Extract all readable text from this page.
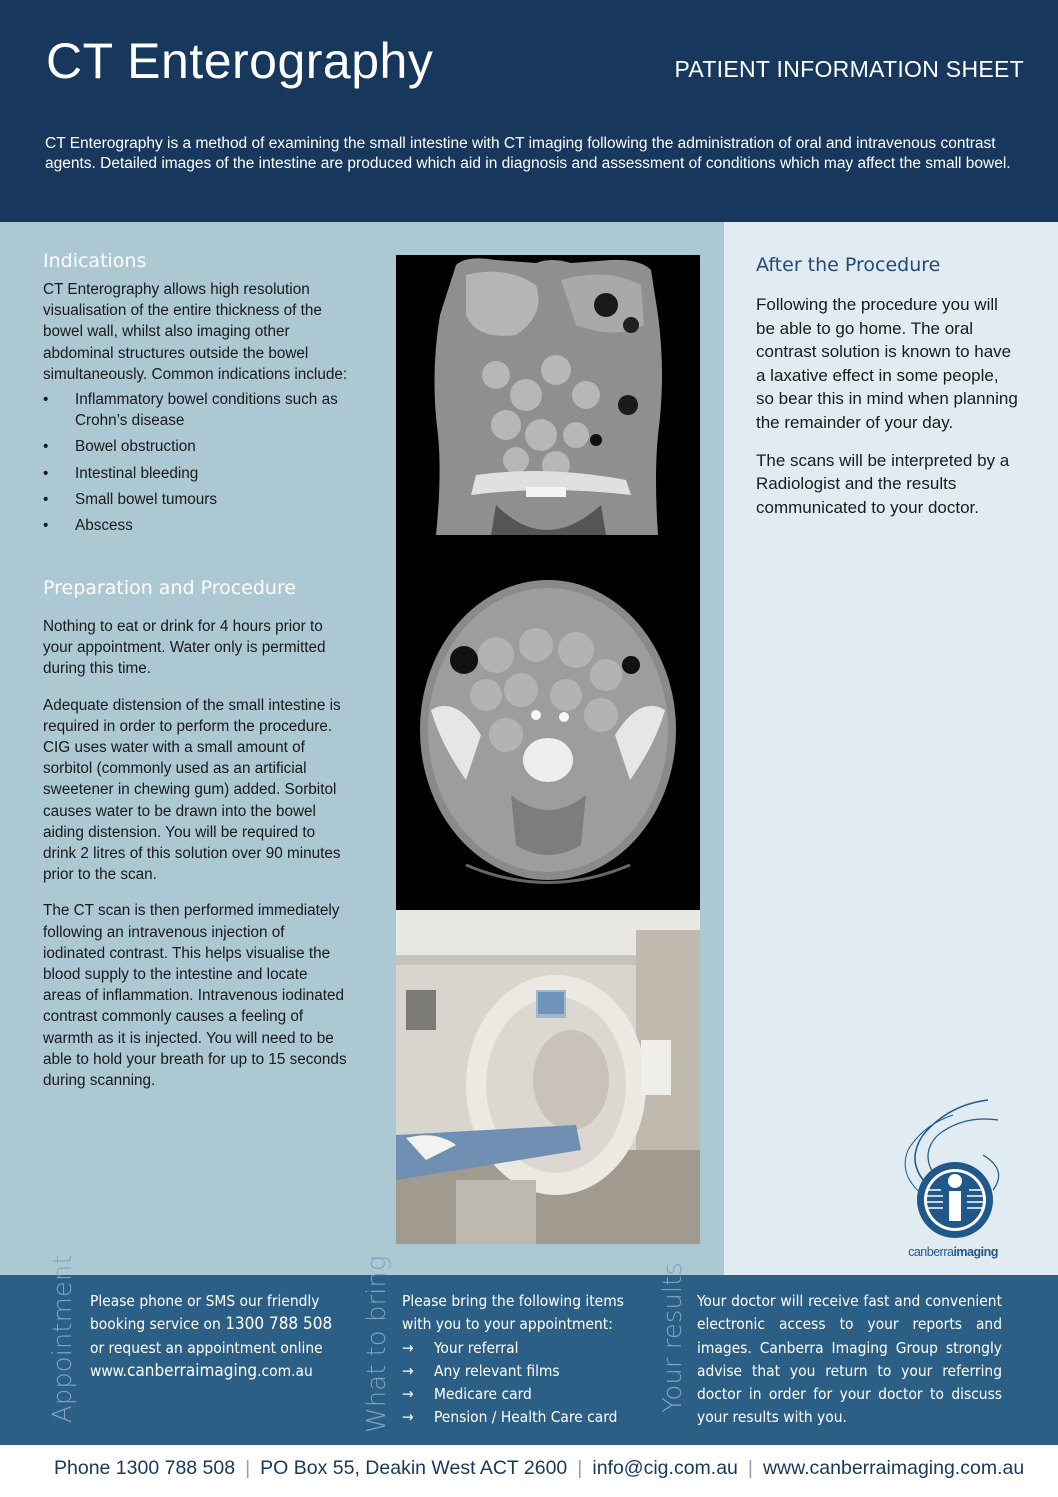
CT Enterography	PATIENT INFORMATION SHEET
CT Enterography is a method of examining the small intestine with CT imaging following the administration of oral and intravenous contrast agents. Detailed images of the intestine are produced which aid in diagnosis and assessment of conditions which may affect the small bowel.
Indications
CT Enterography allows high resolution visualisation of the entire thickness of the bowel wall, whilst also imaging other abdominal structures outside the bowel simultaneously. Common indications include:
• Inflammatory bowel conditions such as Crohn’s disease
• Bowel obstruction
• Intestinal bleeding
• Small bowel tumours
• Abscess
Preparation and Procedure

Nothing to eat or drink for 4 hours prior to your appointment. Water only is permitted during this time.

Adequate distension of the small intestine is required in order to perform the procedure. CIG uses water with a small amount of sorbitol (commonly used as an artificial sweetener in chewing gum) added. Sorbitol causes water to be drawn into the bowel aiding distension. You will be required to drink 2 litres of this solution over 90 minutes prior to the scan.

The CT scan is then performed immediately following an intravenous injection of iodinated contrast. This helps visualise the blood supply to the intestine and locate areas of inflammation. Intravenous iodinated contrast commonly causes a feeling of warmth as it is injected. You will need to be able to hold your breath for up to 15 seconds during scanning.

After the Procedure

Following the procedure you will be able to go home. The oral contrast solution is known to have a laxative effect in some people, so bear this in mind when planning the remainder of your day.

The scans will be interpreted by a Radiologist and the results communicated to your doctor.

canberraimaging
Appointment Please phone or SMS our friendly
booking service on 1300 788 508
or request an appointment online
www.canberraimaging.com.au	What to bring Please bring the following items
with you to your appointment:
→ Your referral
→ Any relevant films
→ Medicare card
→ Pension / Health Care card
Your results Your doctor will receive fast and convenient electronic access to your reports and images. Canberra Imaging Group strongly advise that you return to your referring doctor in order for your doctor to discuss your results with you.
Phone 1300 788 508 | PO Box 55, Deakin West ACT 2600 | info@cig.com.au | www.canberraimaging.com.au
